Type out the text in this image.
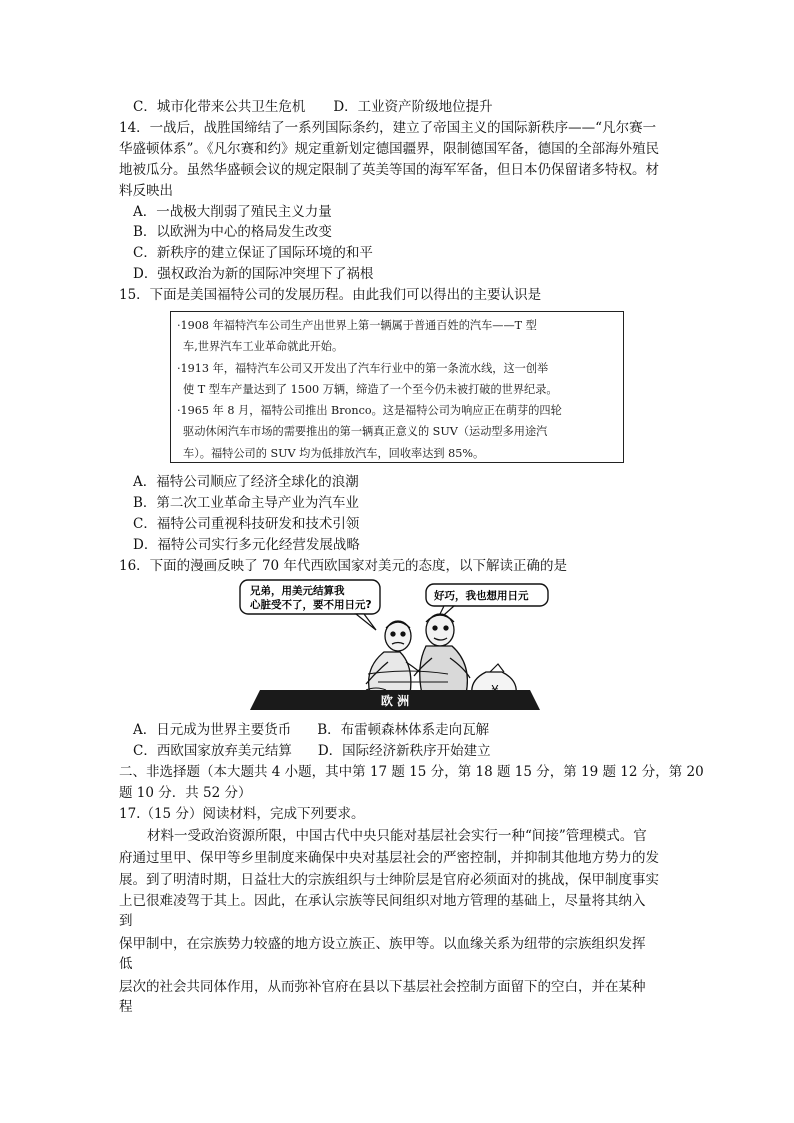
C．城市化带来公共卫生危机 D．工业资产阶级地位提升
14．一战后，战胜国缔结了一系列国际条约，建立了帝国主义的国际新秩序——“凡尔赛一
华盛顿体系”。《凡尔赛和约》规定重新划定德国疆界，限制德国军备，德国的全部海外殖民
地被瓜分。虽然华盛顿会议的规定限制了英美等国的海军军备，但日本仍保留诸多特权。材
料反映出
A．一战极大削弱了殖民主义力量
B．以欧洲为中心的格局发生改变
C．新秩序的建立保证了国际环境的和平
D．强权政治为新的国际冲突埋下了祸根
15．下面是美国福特公司的发展历程。由此我们可以得出的主要认识是
·1908 年福特汽车公司生产出世界上第一辆属于普通百姓的汽车——T 型
车,世界汽车工业革命就此开始。
·1913 年，福特汽车公司又开发出了汽车行业中的第一条流水线，这一创举
使 T 型车产量达到了 1500 万辆，缔造了一个至今仍未被打破的世界纪录。
·1965 年 8 月，福特公司推出 Bronco。这是福特公司为响应正在萌芽的四轮
驱动休闲汽车市场的需要推出的第一辆真正意义的 SUV（运动型多用途汽
车）。福特公司的 SUV 均为低排放汽车，回收率达到 85%。
A．福特公司顺应了经济全球化的浪潮
B．第二次工业革命主导产业为汽车业
C．福特公司重视科技研发和技术引领
D．福特公司实行多元化经营发展战略
16．下面的漫画反映了 70 年代西欧国家对美元的态度，以下解读正确的是
兄弟，用美元结算我
心脏受不了，要不用日元?
好巧，我也想用日元
欧 洲
A．日元成为世界主要货币 B．布雷顿森林体系走向瓦解
C．西欧国家放弃美元结算 D．国际经济新秩序开始建立
二、非选择题（本大题共 4 小题，其中第 17 题 15 分，第 18 题 15 分，第 19 题 12 分，第 20
题 10 分．共 52 分）
17.（15 分）阅读材料，完成下列要求。
材料一受政治资源所限，中国古代中央只能对基层社会实行一种“间接”管理模式。官
府通过里甲、保甲等乡里制度来确保中央对基层社会的严密控制，并抑制其他地方势力的发
展。到了明清时期，日益壮大的宗族组织与士绅阶层是官府必须面对的挑战，保甲制度事实
上已很难凌驾于其上。因此，在承认宗族等民间组织对地方管理的基础上，尽量将其纳入
到
保甲制中，在宗族势力较盛的地方设立族正、族甲等。以血缘关系为纽带的宗族组织发挥
低
层次的社会共同体作用，从而弥补官府在县以下基层社会控制方面留下的空白，并在某种
程
